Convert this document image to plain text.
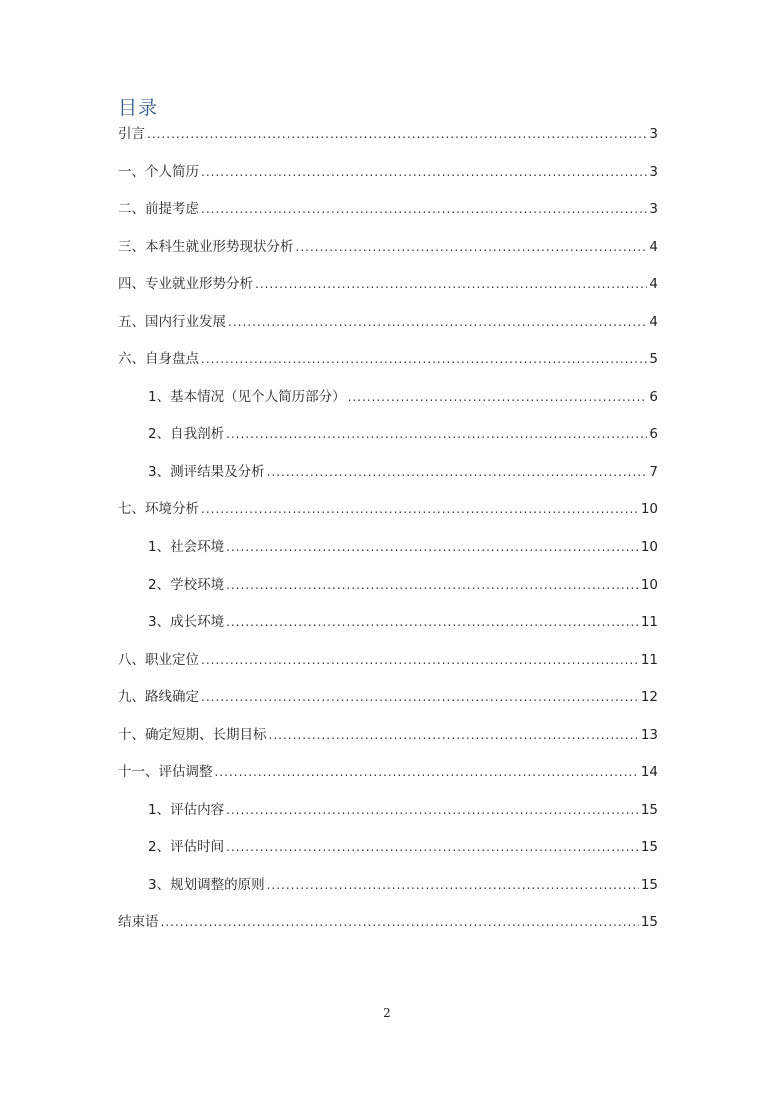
目录
引言 .....	3
一、个人简历 .....	3
二、前提考虑 .....	3
三、本科生就业形势现状分析 .....	4
四、专业就业形势分析 .....	4
五、国内行业发展 .....	4
六、自身盘点 .....	5
1、基本情况（见个人简历部分） .....	6
2、自我剖析 .....	6
3、测评结果及分析 .....	7
七、环境分析 .....	10
1、社会环境 .....	10
2、学校环境 .....	10
3、成长环境 .....	11
八、职业定位 .....	11
九、路线确定 .....	12
十、确定短期、长期目标 .....	13
十一、评估调整 .....	14
1、评估内容 .....	15
2、评估时间 .....	15
3、规划调整的原则 .....	15
结束语 .....	15
2
